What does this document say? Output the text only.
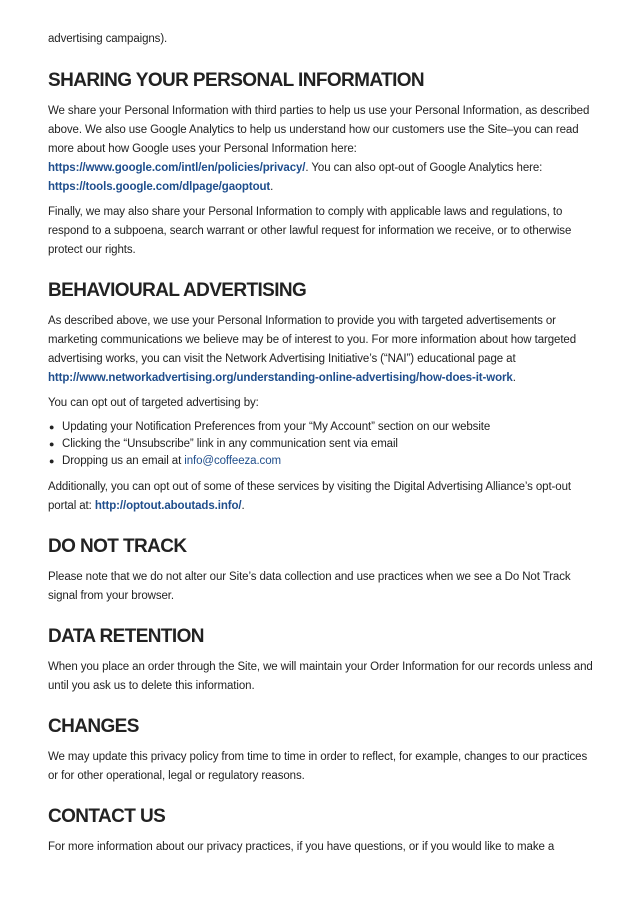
advertising campaigns).

SHARING YOUR PERSONAL INFORMATION

We share your Personal Information with third parties to help us use your Personal Information, as described above. We also use Google Analytics to help us understand how our customers use the Site–you can read more about how Google uses your Personal Information here: https://www.google.com/intl/en/policies/privacy/. You can also opt-out of Google Analytics here: https://tools.google.com/dlpage/gaoptout.

Finally, we may also share your Personal Information to comply with applicable laws and regulations, to respond to a subpoena, search warrant or other lawful request for information we receive, or to otherwise protect our rights.

BEHAVIOURAL ADVERTISING

As described above, we use your Personal Information to provide you with targeted advertisements or marketing communications we believe may be of interest to you. For more information about how targeted advertising works, you can visit the Network Advertising Initiative’s (“NAI”) educational page at http://www.networkadvertising.org/understanding-online-advertising/how-does-it-work.

You can opt out of targeted advertising by:

● Updating your Notification Preferences from your “My Account” section on our website
● Clicking the “Unsubscribe” link in any communication sent via email
● Dropping us an email at info@coffeeza.com

Additionally, you can opt out of some of these services by visiting the Digital Advertising Alliance’s opt-out portal at: http://optout.aboutads.info/.

DO NOT TRACK

Please note that we do not alter our Site’s data collection and use practices when we see a Do Not Track signal from your browser.

DATA RETENTION

When you place an order through the Site, we will maintain your Order Information for our records unless and until you ask us to delete this information.

CHANGES

We may update this privacy policy from time to time in order to reflect, for example, changes to our practices or for other operational, legal or regulatory reasons.

CONTACT US

For more information about our privacy practices, if you have questions, or if you would like to make a
